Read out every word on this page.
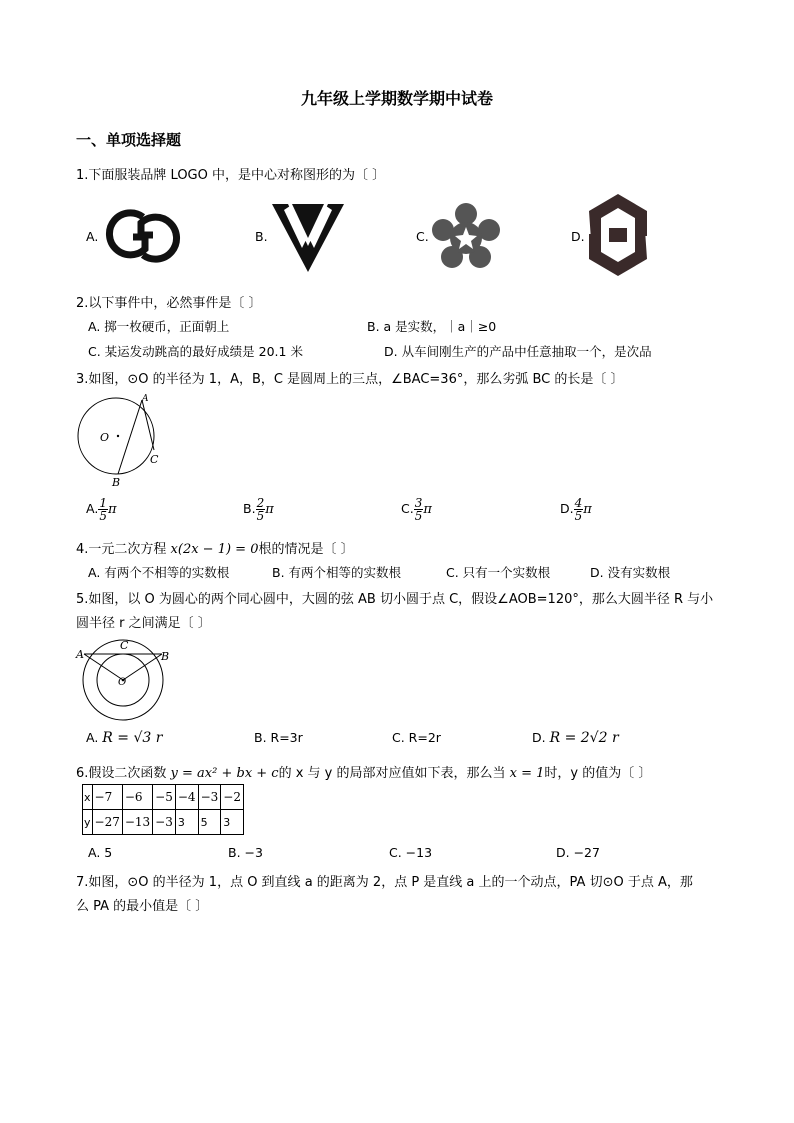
九年级上学期数学期中试卷
一、单项选择题
1.下面服装品牌 LOGO 中，是中心对称图形的为〔 〕
A.	B.	C.	D.
2.以下事件中，必然事件是〔 〕
A. 掷一枚硬币，正面朝上	B. a 是实数，｜a｜≥0
C. 某运发动跳高的最好成绩是 20.1 米	D. 从车间刚生产的产品中任意抽取一个，是次品
3.如图，⊙O 的半径为 1，A，B，C 是圆周上的三点，∠BAC=36°，那么劣弧 BC 的长是〔 〕
O
A
B
C
A. $\frac{1}{5}$ π	B. $\frac{2}{5}$ π	C. $\frac{3}{5}$ π	D. $\frac{4}{5}$ π
4.一元二次方程 x(2x − 1) = 0根的情况是〔 〕
A. 有两个不相等的实数根	B. 有两个相等的实数根	C. 只有一个实数根	D. 没有实数根
5.如图，以 O 为圆心的两个同心圆中，大圆的弦 AB 切小圆于点 C，假设∠AOB=120°，那么大圆半径 R 与小
圆半径 r 之间满足〔 〕
A	B
C
O
A. R = √3 r	B. R=3r	C. R=2r	D. R = 2√2 r
6.假设二次函数 y = ax² + bx + c的 x 与 y 的局部对应值如下表，那么当 x = 1时，y 的值为〔 〕
x	−7	−6	−5	−4	−3	−2
y	−27	−13	−3	3	5	3
A. 5	B. −3	C. −13	D. −27
7.如图，⊙O 的半径为 1，点 O 到直线 a 的距离为 2，点 P 是直线 a 上的一个动点，PA 切⊙O 于点 A，那
么 PA 的最小值是〔 〕
